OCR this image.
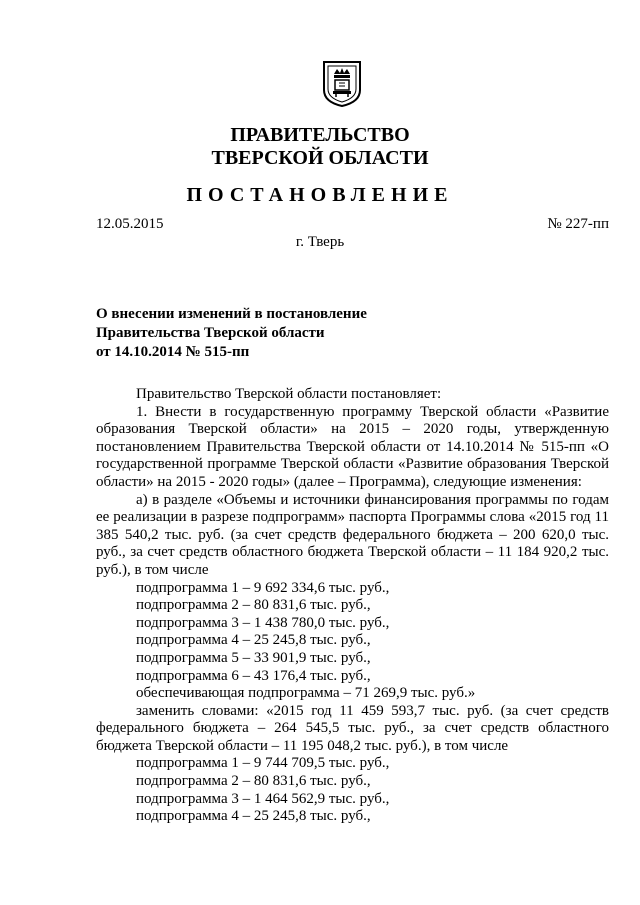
ПРАВИТЕЛЬСТВО
ТВЕРСКОЙ ОБЛАСТИ
ПОСТАНОВЛЕНИЕ
12.05.2015	№ 227-пп
г. Тверь
О внесении изменений в постановление
Правительства Тверской области
от 14.10.2014 № 515-пп

Правительство Тверской области постановляет:

1. Внести в государственную программу Тверской области «Развитие образования Тверской области» на 2015 – 2020 годы, утвержденную постановлением Правительства Тверской области от 14.10.2014 № 515-пп «О государственной программе Тверской области «Развитие образования Тверской области» на 2015 - 2020 годы» (далее – Программа), следующие изменения:

а) в разделе «Объемы и источники финансирования программы по годам ее реализации в разрезе подпрограмм» паспорта Программы слова «2015 год 11 385 540,2 тыс. руб. (за счет средств федерального бюджета – 200 620,0 тыс. руб., за счет средств областного бюджета Тверской области – 11 184 920,2 тыс. руб.), в том числе

подпрограмма 1 – 9 692 334,6 тыс. руб.,

подпрограмма 2 – 80 831,6 тыс. руб.,

подпрограмма 3 – 1 438 780,0 тыс. руб.,

подпрограмма 4 – 25 245,8 тыс. руб.,

подпрограмма 5 – 33 901,9 тыс. руб.,

подпрограмма 6 – 43 176,4 тыс. руб.,

обеспечивающая подпрограмма – 71 269,9 тыс. руб.»

заменить словами: «2015 год 11 459 593,7 тыс. руб. (за счет средств федерального бюджета – 264 545,5 тыс. руб., за счет средств областного бюджета Тверской области – 11 195 048,2 тыс. руб.), в том числе

подпрограмма 1 – 9 744 709,5 тыс. руб.,

подпрограмма 2 – 80 831,6 тыс. руб.,

подпрограмма 3 – 1 464 562,9 тыс. руб.,

подпрограмма 4 – 25 245,8 тыс. руб.,
